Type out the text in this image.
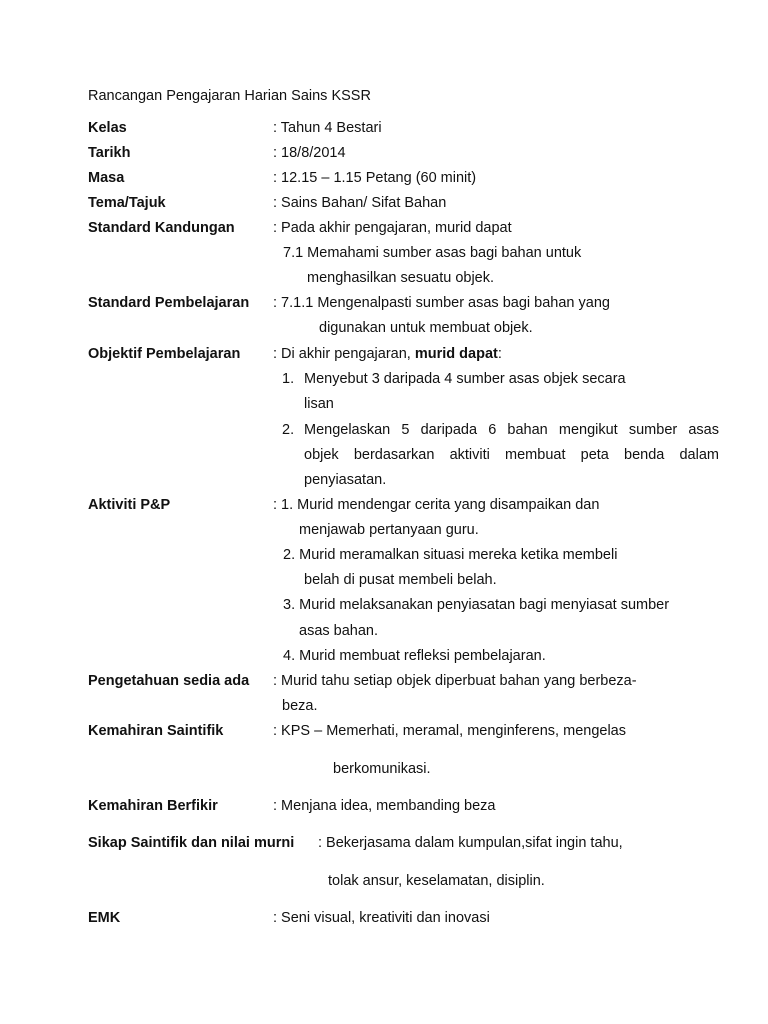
Rancangan Pengajaran Harian Sains KSSR
Kelas	: Tahun 4 Bestari
Tarikh	: 18/8/2014
Masa	: 12.15 – 1.15 Petang (60 minit)
Tema/Tajuk	: Sains Bahan/ Sifat Bahan
Standard Kandungan	: Pada akhir pengajaran, murid dapat
7.1 Memahami sumber asas bagi bahan untuk
menghasilkan sesuatu objek.
Standard Pembelajaran : 7.1.1 Mengenalpasti sumber asas bagi bahan yang
digunakan untuk membuat objek.
Objektif Pembelajaran : Di akhir pengajaran, murid dapat:
1. Menyebut 3 daripada 4 sumber asas objek secara
lisan
2. Mengelaskan 5 daripada 6 bahan mengikut sumber asas
objek berdasarkan aktiviti membuat peta benda dalam
penyiasatan.
Aktiviti P&P	: 1. Murid mendengar cerita yang disampaikan dan
menjawab pertanyaan guru.
2. Murid meramalkan situasi mereka ketika membeli
belah di pusat membeli belah.
3. Murid melaksanakan penyiasatan bagi menyiasat sumber
asas bahan.
4. Murid membuat refleksi pembelajaran.
Pengetahuan sedia ada : Murid tahu setiap objek diperbuat bahan yang berbeza-
beza.
Kemahiran Saintifik	: KPS – Memerhati, meramal, menginferens, mengelas
berkomunikasi.
Kemahiran Berfikir	: Menjana idea, membanding beza
Sikap Saintifik dan nilai murni : Bekerjasama dalam kumpulan,sifat ingin tahu,
tolak ansur, keselamatan, disiplin.
EMK	: Seni visual, kreativiti dan inovasi
